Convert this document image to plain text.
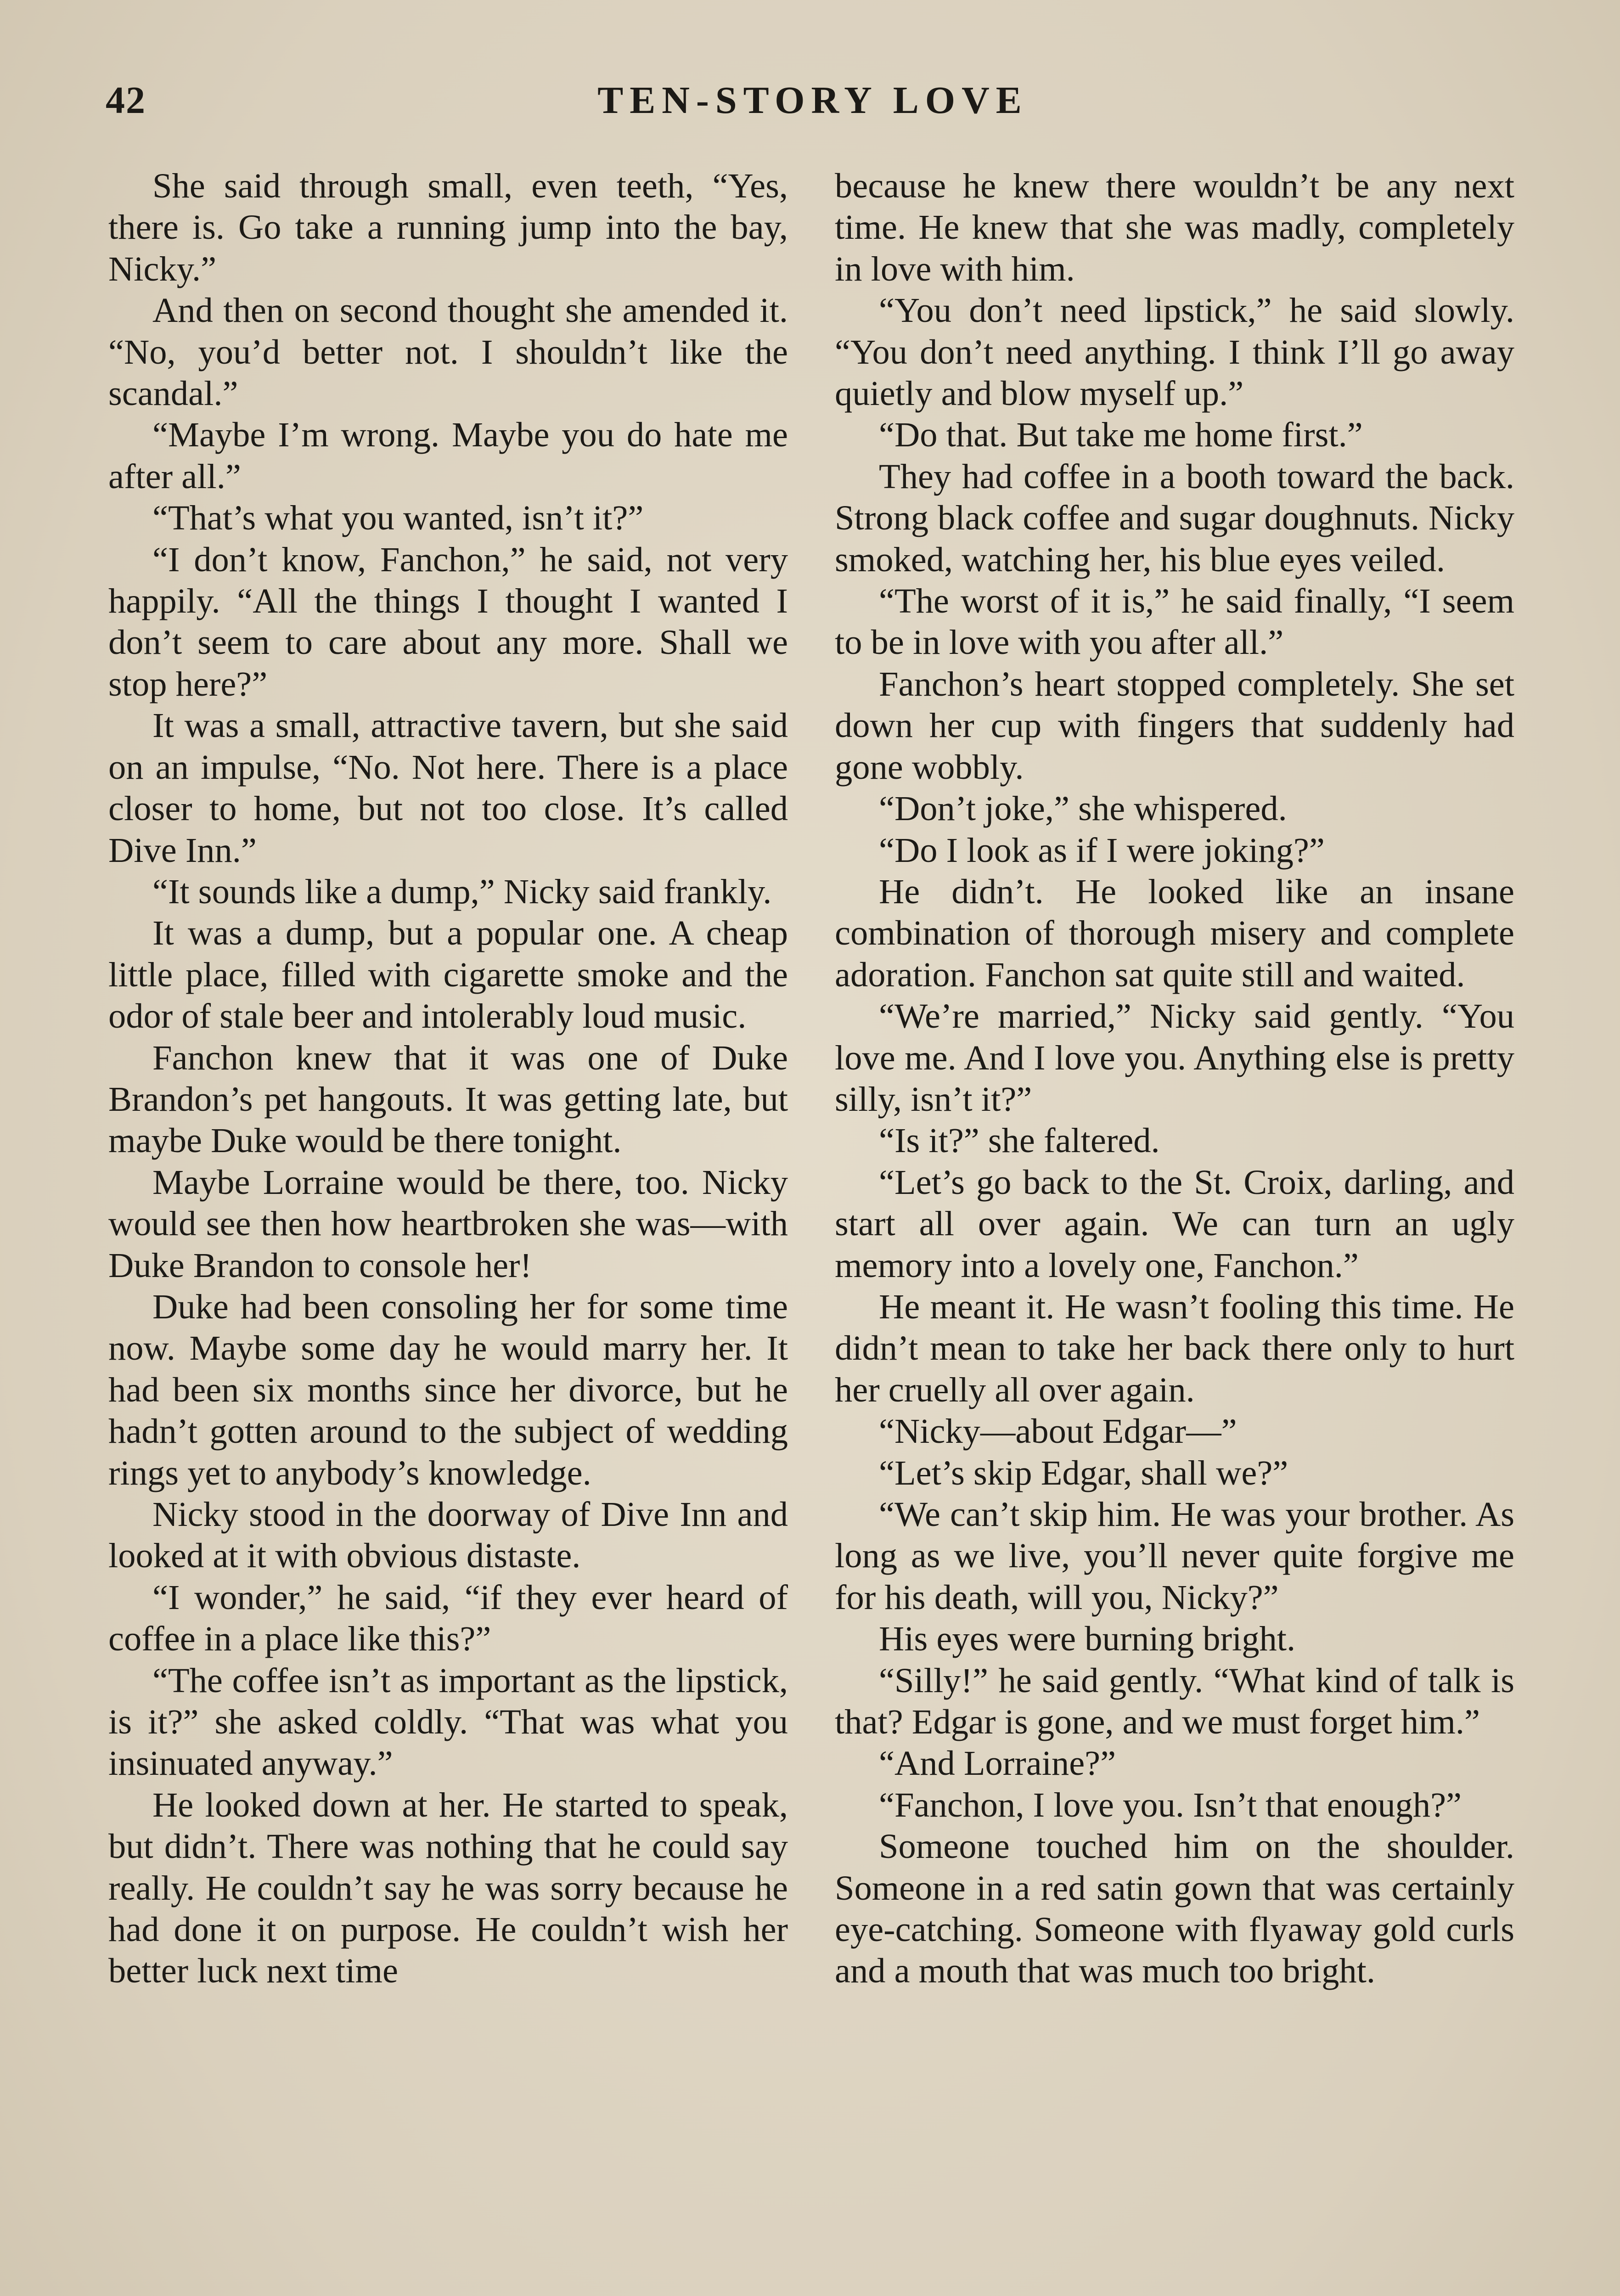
42	TEN-STORY LOVE

She said through small, even teeth, “Yes, there is. Go take a running jump into the bay, Nicky.”

And then on second thought she amended it. “No, you’d better not. I shouldn’t like the scandal.”

“Maybe I’m wrong. Maybe you do hate me after all.”

“That’s what you wanted, isn’t it?”

“I don’t know, Fanchon,” he said, not very happily. “All the things I thought I wanted I don’t seem to care about any more. Shall we stop here?”

It was a small, attractive tavern, but she said on an impulse, “No. Not here. There is a place closer to home, but not too close. It’s called Dive Inn.”

“It sounds like a dump,” Nicky said frankly.

It was a dump, but a popular one. A cheap little place, filled with cigarette smoke and the odor of stale beer and intolerably loud music.

Fanchon knew that it was one of Duke Brandon’s pet hangouts. It was getting late, but maybe Duke would be there tonight.

Maybe Lorraine would be there, too. Nicky would see then how heartbroken she was—with Duke Brandon to console her!

Duke had been consoling her for some time now. Maybe some day he would marry her. It had been six months since her divorce, but he hadn’t gotten around to the subject of wedding rings yet to anybody’s knowledge.

Nicky stood in the doorway of Dive Inn and looked at it with obvious distaste.

“I wonder,” he said, “if they ever heard of coffee in a place like this?”

“The coffee isn’t as important as the lipstick, is it?” she asked coldly. “That was what you insinuated anyway.”

He looked down at her. He started to speak, but didn’t. There was nothing that he could say really. He couldn’t say he was sorry because he had done it on purpose. He couldn’t wish her better luck next time

because he knew there wouldn’t be any next time. He knew that she was madly, completely in love with him.

“You don’t need lipstick,” he said slowly. “You don’t need anything. I think I’ll go away quietly and blow myself up.”

“Do that. But take me home first.”

They had coffee in a booth toward the back. Strong black coffee and sugar doughnuts. Nicky smoked, watching her, his blue eyes veiled.

“The worst of it is,” he said finally, “I seem to be in love with you after all.”

Fanchon’s heart stopped completely. She set down her cup with fingers that suddenly had gone wobbly.

“Don’t joke,” she whispered.

“Do I look as if I were joking?”

He didn’t. He looked like an insane combination of thorough misery and complete adoration. Fanchon sat quite still and waited.

“We’re married,” Nicky said gently. “You love me. And I love you. Anything else is pretty silly, isn’t it?”

“Is it?” she faltered.

“Let’s go back to the St. Croix, darling, and start all over again. We can turn an ugly memory into a lovely one, Fanchon.”

He meant it. He wasn’t fooling this time. He didn’t mean to take her back there only to hurt her cruelly all over again.

“Nicky—about Edgar—”

“Let’s skip Edgar, shall we?”

“We can’t skip him. He was your brother. As long as we live, you’ll never quite forgive me for his death, will you, Nicky?”

His eyes were burning bright.

“Silly!” he said gently. “What kind of talk is that? Edgar is gone, and we must forget him.”

“And Lorraine?”

“Fanchon, I love you. Isn’t that enough?”

Someone touched him on the shoulder. Someone in a red satin gown that was certainly eye-catching. Someone with flyaway gold curls and a mouth that was much too bright.
